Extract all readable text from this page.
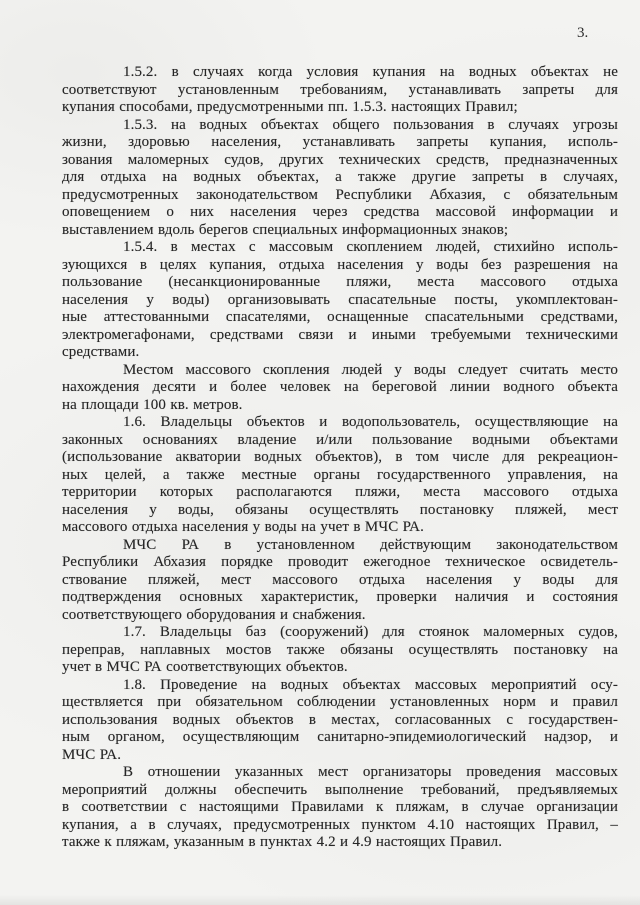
3.
1.5.2. в случаях когда условия купания на водных объектах не
соответствуют установленным требованиям, устанавливать запреты для
купания способами, предусмотренными пп. 1.5.3. настоящих Правил;
1.5.3. на водных объектах общего пользования в случаях угрозы
жизни, здоровью населения, устанавливать запреты купания, исполь-
зования маломерных судов, других технических средств, предназначенных
для отдыха на водных объектах, а также другие запреты в случаях,
предусмотренных законодательством Республики Абхазия, с обязательным
оповещением о них населения через средства массовой информации и
выставлением вдоль берегов специальных информационных знаков;
1.5.4. в местах с массовым скоплением людей, стихийно исполь-
зующихся в целях купания, отдыха населения у воды без разрешения на
пользование (несанкционированные пляжи, места массового отдыха
населения у воды) организовывать спасательные посты, укомплектован-
ные аттестованными спасателями, оснащенные спасательными средствами,
электромегафонами, средствами связи и иными требуемыми техническими
средствами.
Местом массового скопления людей у воды следует считать место
нахождения десяти и более человек на береговой линии водного объекта
на площади 100 кв. метров.
1.6. Владельцы объектов и водопользователь, осуществляющие на
законных основаниях владение и/или пользование водными объектами
(использование акватории водных объектов), в том числе для рекреацион-
ных целей, а также местные органы государственного управления, на
территории которых располагаются пляжи, места массового отдыха
населения у воды, обязаны осуществлять постановку пляжей, мест
массового отдыха населения у воды на учет в МЧС РА.
МЧС РА в установленном действующим законодательством
Республики Абхазия порядке проводит ежегодное техническое освидетель-
ствование пляжей, мест массового отдыха населения у воды для
подтверждения основных характеристик, проверки наличия и состояния
соответствующего оборудования и снабжения.
1.7. Владельцы баз (сооружений) для стоянок маломерных судов,
переправ, наплавных мостов также обязаны осуществлять постановку на
учет в МЧС РА соответствующих объектов.
1.8. Проведение на водных объектах массовых мероприятий осу-
ществляется при обязательном соблюдении установленных норм и правил
использования водных объектов в местах, согласованных с государствен-
ным органом, осуществляющим санитарно-эпидемиологический надзор, и
МЧС РА.
В отношении указанных мест организаторы проведения массовых
мероприятий должны обеспечить выполнение требований, предъявляемых
в соответствии с настоящими Правилами к пляжам, в случае организации
купания, а в случаях, предусмотренных пунктом 4.10 настоящих Правил, –
также к пляжам, указанным в пунктах 4.2 и 4.9 настоящих Правил.
